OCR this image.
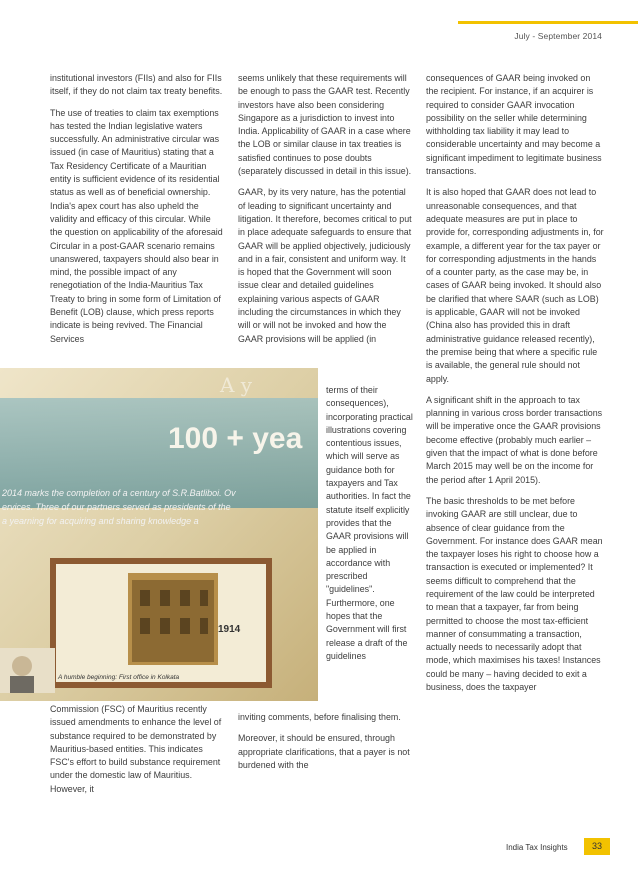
July - September 2014

institutional investors (FIIs) and also for FIIs itself, if they do not claim tax treaty benefits.

The use of treaties to claim tax exemptions has tested the Indian legislative waters successfully. An administrative circular was issued (in case of Mauritius) stating that a Tax Residency Certificate of a Mauritian entity is sufficient evidence of its residential status as well as of beneficial ownership. India's apex court has also upheld the validity and efficacy of this circular. While the question on applicability of the aforesaid Circular in a post-GAAR scenario remains unanswered, taxpayers should also bear in mind, the possible impact of any renegotiation of the India-Mauritius Tax Treaty to bring in some form of Limitation of Benefit (LOB) clause, which press reports indicate is being revived. The Financial Services

A y
100 + yea
2014 marks the completion of a century of S.R.Batliboi. Ov
ervices. Three of our partners served as presidents of the
a yearning for acquiring and sharing knowledge a
1914
A humble beginning: First office in Kolkata

Commission (FSC) of Mauritius recently issued amendments to enhance the level of substance required to be demonstrated by Mauritius-based entities. This indicates FSC's effort to build substance requirement under the domestic law of Mauritius. However, it

seems unlikely that these requirements will be enough to pass the GAAR test. Recently investors have also been considering Singapore as a jurisdiction to invest into India. Applicability of GAAR in a case where the LOB or similar clause in tax treaties is satisfied continues to pose doubts (separately discussed in detail in this issue).

GAAR, by its very nature, has the potential of leading to significant uncertainty and litigation. It therefore, becomes critical to put in place adequate safeguards to ensure that GAAR will be applied objectively, judiciously and in a fair, consistent and uniform way. It is hoped that the Government will soon issue clear and detailed guidelines explaining various aspects of GAAR including the circumstances in which they will or will not be invoked and how the GAAR provisions will be applied (in

terms of their consequences), incorporating practical illustrations covering contentious issues, which will serve as guidance both for taxpayers and Tax authorities. In fact the statute itself explicitly provides that the GAAR provisions will be applied in accordance with prescribed "guidelines". Furthermore, one hopes that the Government will first release a draft of the guidelines

inviting comments, before finalising them.

Moreover, it should be ensured, through appropriate clarifications, that a payer is not burdened with the

consequences of GAAR being invoked on the recipient. For instance, if an acquirer is required to consider GAAR invocation possibility on the seller while determining withholding tax liability it may lead to considerable uncertainty and may become a significant impediment to legitimate business transactions.

It is also hoped that GAAR does not lead to unreasonable consequences, and that adequate measures are put in place to provide for, corresponding adjustments in, for example, a different year for the tax payer or for corresponding adjustments in the hands of a counter party, as the case may be, in cases of GAAR being invoked. It should also be clarified that where SAAR (such as LOB) is applicable, GAAR will not be invoked (China also has provided this in draft administrative guidance released recently), the premise being that where a specific rule is available, the general rule should not apply.

A significant shift in the approach to tax planning in various cross border transactions will be imperative once the GAAR provisions become effective (probably much earlier – given that the impact of what is done before March 2015 may well be on the income for the period after 1 April 2015).

The basic thresholds to be met before invoking GAAR are still unclear, due to absence of clear guidance from the Government. For instance does GAAR mean the taxpayer loses his right to choose how a transaction is executed or implemented? It seems difficult to comprehend that the requirement of the law could be interpreted to mean that a taxpayer, far from being permitted to choose the most tax-efficient manner of consummating a transaction, actually needs to necessarily adopt that mode, which maximises his taxes! Instances could be many – having decided to exit a business, does the taxpayer

India Tax Insights	33
